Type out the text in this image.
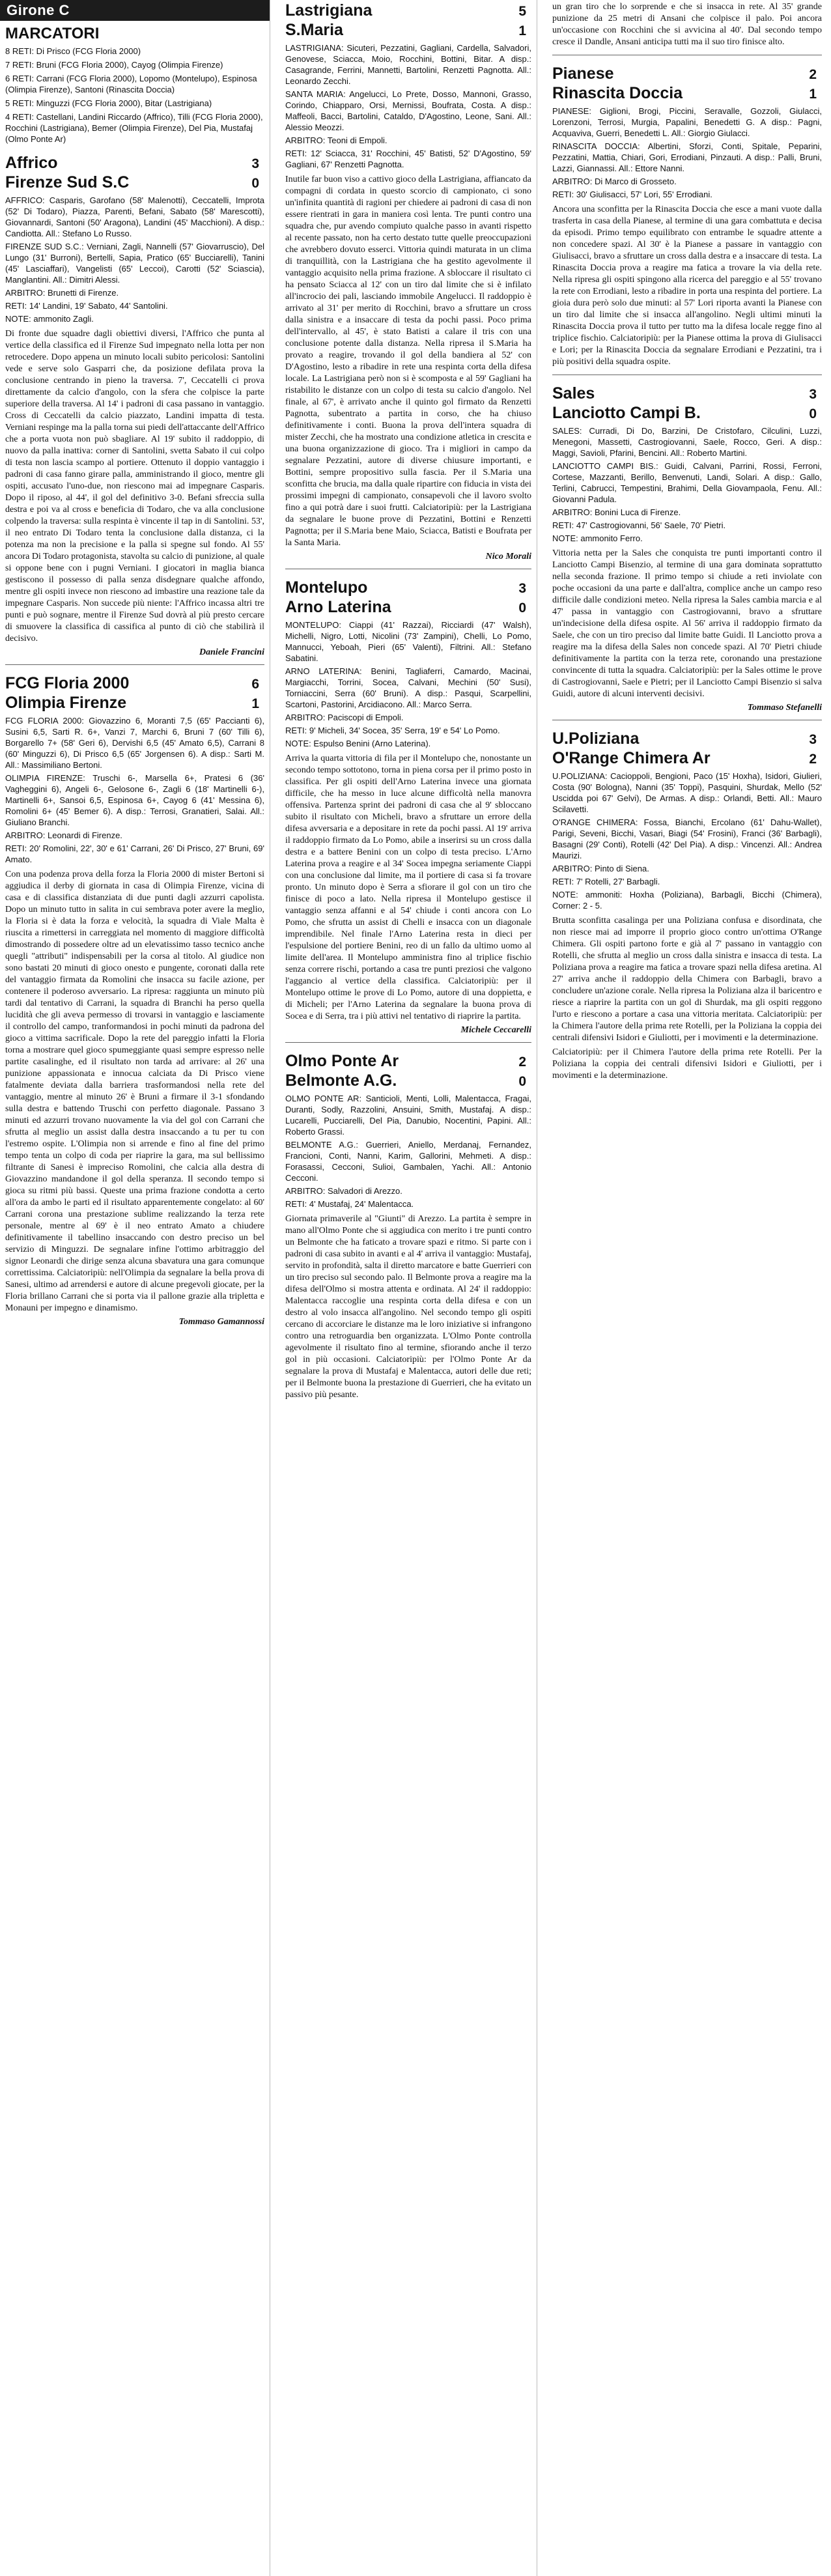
Girone C
MARCATORI
8 RETI: Di Prisco (FCG Floria 2000)
7 RETI: Bruni (FCG Floria 2000), Cayog (Olimpia Firenze)
6 RETI: Carrani (FCG Floria 2000), Lopomo (Montelupo), Espinosa (Olimpia Firenze), Santoni (Rinascita Doccia)
5 RETI: Minguzzi (FCG Floria 2000), Bitar (Lastrigiana)
4 RETI: Castellani, Landini Riccardo (Affrico), Tilli (FCG Floria 2000), Rocchini (Lastrigiana), Bemer (Olimpia Firenze), Del Pia, Mustafaj (Olmo Ponte Ar)
Affrico	3
Firenze Sud S.C	0
AFFRICO: Casparis, Garofano (58' Malenotti), Ceccatelli, Improta (52' Di Todaro), Piazza, Parenti, Befani, Sabato (58' Marescotti), Giovannardi, Santoni (50' Aragona), Landini (45' Macchioni). A disp.: Candiotta. All.: Stefano Lo Russo.
FIRENZE SUD S.C.: Verniani, Zagli, Nannelli (57' Giovarruscio), Del Lungo (31' Burroni), Bertelli, Sapia, Pratico (65' Bucciarelli), Tanini (45' Lasciaffari), Vangelisti (65' Leccoi), Carotti (52' Sciascia), Manglantini. All.: Dimitri Alessi.
ARBITRO: Brunetti di Firenze.
RETI: 14' Landini, 19' Sabato, 44' Santolini.
NOTE: ammonito Zagli.
Di fronte due squadre dagli obiettivi diversi, l'Affrico che punta al vertice della classifica ed il Firenze Sud impegnato nella lotta per non retrocedere. Dopo appena un minuto locali subito pericolosi: Santolini vede e serve solo Gasparri che, da posizione defilata prova la conclusione centrando in pieno la traversa. 7', Ceccatelli ci prova direttamente da calcio d'angolo, con la sfera che colpisce la parte superiore della traversa. Al 14' i padroni di casa passano in vantaggio. Cross di Ceccatelli da calcio piazzato, Landini impatta di testa. Verniani respinge ma la palla torna sui piedi dell'attaccante dell'Affrico che a porta vuota non può sbagliare. Al 19' subito il raddoppio, di nuovo da palla inattiva: corner di Santolini, svetta Sabato il cui colpo di testa non lascia scampo al portiere. Ottenuto il doppio vantaggio i padroni di casa fanno girare palla, amministrando il gioco, mentre gli ospiti, accusato l'uno-due, non riescono mai ad impegnare Casparis. Dopo il riposo, al 44', il gol del definitivo 3-0. Befani sfreccia sulla destra e poi va al cross e beneficia di Todaro, che va alla conclusione colpendo la traversa: sulla respinta è vincente il tap in di Santolini. 53', il neo entrato Di Todaro tenta la conclusione dalla distanza, ci la potenza ma non la precisione e la palla si spegne sul fondo. Al 55' ancora Di Todaro protagonista, stavolta su calcio di punizione, al quale si oppone bene con i pugni Verniani. I giocatori in maglia bianca gestiscono il possesso di palla senza disdegnare qualche affondo, mentre gli ospiti invece non riescono ad imbastire una reazione tale da impegnare Casparis. Non succede più niente: l'Affrico incassa altri tre punti e può sognare, mentre il Firenze Sud dovrà al più presto cercare di smuovere la classifica di cassifica al punto di ciò che stabilirà il decisivo.
Daniele Francini
FCG Floria 2000	6
Olimpia Firenze	1
FCG FLORIA 2000: Giovazzino 6, Moranti 7,5 (65' Paccianti 6), Susini 6,5, Sarti R. 6+, Vanzi 7, Marchi 6, Bruni 7 (60' Tilli 6), Borgarello 7+ (58' Geri 6), Dervishi 6,5 (45' Amato 6,5), Carrani 8 (60' Minguzzi 6), Di Prisco 6,5 (65' Jorgensen 6). A disp.: Sarti M. All.: Massimiliano Bertoni.
OLIMPIA FIRENZE: Truschi 6-, Marsella 6+, Pratesi 6 (36' Vagheggini 6), Angeli 6-, Gelosone 6-, Zagli 6 (18' Martinelli 6-), Martinelli 6+, Sansoi 6,5, Espinosa 6+, Cayog 6 (41' Messina 6), Romolini 6+ (45' Bemer 6). A disp.: Terrosi, Granatieri, Salai. All.: Giuliano Branchi.
ARBITRO: Leonardi di Firenze.
RETI: 20' Romolini, 22', 30' e 61' Carrani, 26' Di Prisco, 27' Bruni, 69' Amato.
Con una podenza prova della forza la Floria 2000 di mister Bertoni si aggiudica il derby di giornata in casa di Olimpia Firenze, vicina di casa e di classifica distanziata di due punti dagli azzurri capolista. Dopo un minuto tutto in salita in cui sembrava poter avere la meglio, la Floria si è data la forza e velocità, la squadra di Viale Malta è riuscita a rimettersi in carreggiata nel momento di maggiore difficoltà dimostrando di possedere oltre ad un elevatissimo tasso tecnico anche quegli "attributi" indispensabili per la corsa al titolo. Al giudice non sono bastati 20 minuti di gioco onesto e pungente, coronati dalla rete del vantaggio firmata da Romolini che insacca su facile azione, per contenere il poderoso avversario. La ripresa: raggiunta un minuto più tardi dal tentativo di Carrani, la squadra di Branchi ha perso quella lucidità che gli aveva permesso di trovarsi in vantaggio e lasciamente il controllo del campo, tranformandosi in pochi minuti da padrona del gioco a vittima sacrificale. Dopo la rete del pareggio infatti la Floria torna a mostrare quel gioco spumeggiante quasi sempre espresso nelle partite casalinghe, ed il risultato non tarda ad arrivare: al 26' una punizione appassionata e innocua calciata da Di Prisco viene fatalmente deviata dalla barriera trasformandosi nella rete del vantaggio, mentre al minuto 26' è Bruni a firmare il 3-1 sfondando sulla destra e battendo Truschi con perfetto diagonale. Passano 3 minuti ed azzurri trovano nuovamente la via del gol con Carrani che sfrutta al meglio un assist dalla destra insaccando a tu per tu con l'estremo ospite. L'Olimpia non si arrende e fino al fine del primo tempo tenta un colpo di coda per riaprire la gara, ma sul bellissimo filtrante di Sanesi è impreciso Romolini, che calcia alla destra di Giovazzino mandandone il gol della speranza. Il secondo tempo si gioca su ritmi più bassi. Queste una prima frazione condotta a certo all'ora da ambo le parti ed il risultato apparentemente congelato: al 60' Carrani corona una prestazione sublime realizzando la terza rete personale, mentre al 69' è il neo entrato Amato a chiudere definitivamente il tabellino insaccando con destro preciso un bel servizio di Minguzzi. De segnalare infine l'ottimo arbitraggio del signor Leonardi che dirige senza alcuna sbavatura una gara comunque correttissima. Calciatoripiù: nell'Olimpia da segnalare la bella prova di Sanesi, ultimo ad arrendersi e autore di alcune pregevoli giocate, per la Floria brillano Carrani che si porta via il pallone grazie alla tripletta e Monauni per impegno e dinamismo.
Tommaso Gamannossi
Lastrigiana	5
S.Maria	1
LASTRIGIANA: Sicuteri, Pezzatini, Gagliani, Cardella, Salvadori, Genovese, Sciacca, Moio, Rocchini, Bottini, Bitar. A disp.: Casagrande, Ferrini, Mannetti, Bartolini, Renzetti Pagnotta. All.: Leonardo Zecchi.
SANTA MARIA: Angelucci, Lo Prete, Dosso, Mannoni, Grasso, Corindo, Chiapparo, Orsi, Mernissi, Boufrata, Costa. A disp.: Maffeoli, Bacci, Bartolini, Cataldo, D'Agostino, Leone, Sani. All.: Alessio Meozzi.
ARBITRO: Teoni di Empoli.
RETI: 12' Sciacca, 31' Rocchini, 45' Batisti, 52' D'Agostino, 59' Gagliani, 67' Renzetti Pagnotta.
Inutile far buon viso a cattivo gioco della Lastrigiana, affiancato da compagni di cordata in questo scorcio di campionato, ci sono un'infinita quantità di ragioni per chiedere ai padroni di casa di non essere rientrati in gara in maniera così lenta. Tre punti contro una squadra che, pur avendo compiuto qualche passo in avanti rispetto al recente passato, non ha certo destato tutte quelle preoccupazioni che avrebbero dovuto esserci. Vittoria quindi maturata in un clima di tranquillità, con la Lastrigiana che ha gestito agevolmente il vantaggio acquisito nella prima frazione. A sbloccare il risultato ci ha pensato Sciacca al 12' con un tiro dal limite che si è infilato all'incrocio dei pali, lasciando immobile Angelucci. Il raddoppio è arrivato al 31' per merito di Rocchini, bravo a sfruttare un cross dalla sinistra e a insaccare di testa da pochi passi. Poco prima dell'intervallo, al 45', è stato Batisti a calare il tris con una conclusione potente dalla distanza. Nella ripresa il S.Maria ha provato a reagire, trovando il gol della bandiera al 52' con D'Agostino, lesto a ribadire in rete una respinta corta della difesa locale. La Lastrigiana però non si è scomposta e al 59' Gagliani ha ristabilito le distanze con un colpo di testa su calcio d'angolo. Nel finale, al 67', è arrivato anche il quinto gol firmato da Renzetti Pagnotta, subentrato a partita in corso, che ha chiuso definitivamente i conti. Buona la prova dell'intera squadra di mister Zecchi, che ha mostrato una condizione atletica in crescita e una buona organizzazione di gioco. Tra i migliori in campo da segnalare Pezzatini, autore di diverse chiusure importanti, e Bottini, sempre propositivo sulla fascia. Per il S.Maria una sconfitta che brucia, ma dalla quale ripartire con fiducia in vista dei prossimi impegni di campionato, consapevoli che il lavoro svolto fino a qui potrà dare i suoi frutti. Calciatoripiù: per la Lastrigiana da segnalare le buone prove di Pezzatini, Bottini e Renzetti Pagnotta; per il S.Maria bene Maio, Sciacca, Batisti e Boufrata per la Santa Maria.
Nico Morali
Montelupo	3
Arno Laterina	0
MONTELUPO: Ciappi (41' Razzai), Ricciardi (47' Walsh), Michelli, Nigro, Lotti, Nicolini (73' Zampini), Chelli, Lo Pomo, Mannucci, Yeboah, Pieri (65' Valenti), Filtrini. All.: Stefano Sabatini.
ARNO LATERINA: Benini, Tagliaferri, Camardo, Macinai, Margiacchi, Torrini, Socea, Calvani, Mechini (50' Susi), Torniaccini, Serra (60' Bruni). A disp.: Pasqui, Scarpellini, Scartoni, Pastorini, Arcidiacono. All.: Marco Serra.
ARBITRO: Paciscopi di Empoli.
RETI: 9' Micheli, 34' Socea, 35' Serra, 19' e 54' Lo Pomo.
NOTE: Espulso Benini (Arno Laterina).
Arriva la quarta vittoria di fila per il Montelupo che, nonostante un secondo tempo sottotono, torna in piena corsa per il primo posto in classifica. Per gli ospiti dell'Arno Laterina invece una giornata difficile, che ha messo in luce alcune difficoltà nella manovra offensiva. Partenza sprint dei padroni di casa che al 9' sbloccano subito il risultato con Micheli, bravo a sfruttare un errore della difesa avversaria e a depositare in rete da pochi passi. Al 19' arriva il raddoppio firmato da Lo Pomo, abile a inserirsi su un cross dalla destra e a battere Benini con un colpo di testa preciso. L'Arno Laterina prova a reagire e al 34' Socea impegna seriamente Ciappi con una conclusione dal limite, ma il portiere di casa si fa trovare pronto. Un minuto dopo è Serra a sfiorare il gol con un tiro che finisce di poco a lato. Nella ripresa il Montelupo gestisce il vantaggio senza affanni e al 54' chiude i conti ancora con Lo Pomo, che sfrutta un assist di Chelli e insacca con un diagonale imprendibile. Nel finale l'Arno Laterina resta in dieci per l'espulsione del portiere Benini, reo di un fallo da ultimo uomo al limite dell'area. Il Montelupo amministra fino al triplice fischio senza correre rischi, portando a casa tre punti preziosi che valgono l'aggancio al vertice della classifica. Calciatoripiù: per il Montelupo ottime le prove di Lo Pomo, autore di una doppietta, e di Micheli; per l'Arno Laterina da segnalare la buona prova di Socea e di Serra, tra i più attivi nel tentativo di riaprire la partita.
Michele Ceccarelli
Olmo Ponte Ar	2
Belmonte A.G.	0
OLMO PONTE AR: Santicioli, Menti, Lolli, Malentacca, Fragai, Duranti, Sodly, Razzolini, Ansuini, Smith, Mustafaj. A disp.: Lucarelli, Pucciarelli, Del Pia, Danubio, Nocentini, Papini. All.: Roberto Grassi.
BELMONTE A.G.: Guerrieri, Aniello, Merdanaj, Fernandez, Francioni, Conti, Nanni, Karim, Gallorini, Mehmeti. A disp.: Forasassi, Cecconi, Sulioi, Gambalen, Yachi. All.: Antonio Cecconi.
ARBITRO: Salvadori di Arezzo.
RETI: 4' Mustafaj, 24' Malentacca.
Giornata primaverile al "Giunti" di Arezzo. La partita è sempre in mano all'Olmo Ponte che si aggiudica con merito i tre punti contro un Belmonte che ha faticato a trovare spazi e ritmo. Si parte con i padroni di casa subito in avanti e al 4' arriva il vantaggio: Mustafaj, servito in profondità, salta il diretto marcatore e batte Guerrieri con un tiro preciso sul secondo palo. Il Belmonte prova a reagire ma la difesa dell'Olmo si mostra attenta e ordinata. Al 24' il raddoppio: Malentacca raccoglie una respinta corta della difesa e con un destro al volo insacca all'angolino. Nel secondo tempo gli ospiti cercano di accorciare le distanze ma le loro iniziative si infrangono contro una retroguardia ben organizzata. L'Olmo Ponte controlla agevolmente il risultato fino al termine, sfiorando anche il terzo gol in più occasioni. Calciatoripiù: per l'Olmo Ponte Ar da segnalare la prova di Mustafaj e Malentacca, autori delle due reti; per il Belmonte buona la prestazione di Guerrieri, che ha evitato un passivo più pesante.
un gran tiro che lo sorprende e che si insacca in rete. Al 35' grande punizione da 25 metri di Ansani che colpisce il palo. Poi ancora un'occasione con Rocchini che si avvicina al 40'. Dal secondo tempo cresce il Dandle, Ansani anticipa tutti ma il suo tiro finisce alto.
Pianese	2
Rinascita Doccia	1
PIANESE: Giglioni, Brogi, Piccini, Seravalle, Gozzoli, Giulacci, Lorenzoni, Terrosi, Murgia, Papalini, Benedetti G. A disp.: Pagni, Acquaviva, Guerri, Benedetti L. All.: Giorgio Giulacci.
RINASCITA DOCCIA: Albertini, Sforzi, Conti, Spitale, Peparini, Pezzatini, Mattia, Chiari, Gori, Errodiani, Pinzauti. A disp.: Palli, Bruni, Lazzi, Giannassi. All.: Ettore Nanni.
ARBITRO: Di Marco di Grosseto.
RETI: 30' Giulisacci, 57' Lori, 55' Errodiani.
Ancora una sconfitta per la Rinascita Doccia che esce a mani vuote dalla trasferta in casa della Pianese, al termine di una gara combattuta e decisa da episodi. Primo tempo equilibrato con entrambe le squadre attente a non concedere spazi. Al 30' è la Pianese a passare in vantaggio con Giulisacci, bravo a sfruttare un cross dalla destra e a insaccare di testa. La Rinascita Doccia prova a reagire ma fatica a trovare la via della rete. Nella ripresa gli ospiti spingono alla ricerca del pareggio e al 55' trovano la rete con Errodiani, lesto a ribadire in porta una respinta del portiere. La gioia dura però solo due minuti: al 57' Lori riporta avanti la Pianese con un tiro dal limite che si insacca all'angolino. Negli ultimi minuti la Rinascita Doccia prova il tutto per tutto ma la difesa locale regge fino al triplice fischio. Calciatoripiù: per la Pianese ottima la prova di Giulisacci e Lori; per la Rinascita Doccia da segnalare Errodiani e Pezzatini, tra i più positivi della squadra ospite.
Sales	3
Lanciotto Campi B.	0
SALES: Curradi, Di Do, Barzini, De Cristofaro, Cilculini, Luzzi, Menegoni, Massetti, Castrogiovanni, Saele, Rocco, Geri. A disp.: Maggi, Savioli, Pfarini, Bencini. All.: Roberto Martini.
LANCIOTTO CAMPI BIS.: Guidi, Calvani, Parrini, Rossi, Ferroni, Cortese, Mazzanti, Berillo, Benvenuti, Landi, Solari. A disp.: Gallo, Terlini, Cabrucci, Tempestini, Brahimi, Della Giovampaola, Fenu. All.: Giovanni Padula.
ARBITRO: Bonini Luca di Firenze.
RETI: 47' Castrogiovanni, 56' Saele, 70' Pietri.
NOTE: ammonito Ferro.
Vittoria netta per la Sales che conquista tre punti importanti contro il Lanciotto Campi Bisenzio, al termine di una gara dominata soprattutto nella seconda frazione. Il primo tempo si chiude a reti inviolate con poche occasioni da una parte e dall'altra, complice anche un campo reso difficile dalle condizioni meteo. Nella ripresa la Sales cambia marcia e al 47' passa in vantaggio con Castrogiovanni, bravo a sfruttare un'indecisione della difesa ospite. Al 56' arriva il raddoppio firmato da Saele, che con un tiro preciso dal limite batte Guidi. Il Lanciotto prova a reagire ma la difesa della Sales non concede spazi. Al 70' Pietri chiude definitivamente la partita con la terza rete, coronando una prestazione convincente di tutta la squadra. Calciatoripiù: per la Sales ottime le prove di Castrogiovanni, Saele e Pietri; per il Lanciotto Campi Bisenzio si salva Guidi, autore di alcuni interventi decisivi.
Tommaso Stefanelli
U.Poliziana	3
O'Range Chimera Ar	2
U.POLIZIANA: Cacioppoli, Bengioni, Paco (15' Hoxha), Isidori, Giulieri, Costa (90' Bologna), Nanni (35' Toppi), Pasquini, Shurdak, Mello (52' Uscidda poi 67' Gelvi), De Armas. A disp.: Orlandi, Betti. All.: Mauro Scilavetti.
O'RANGE CHIMERA: Fossa, Bianchi, Ercolano (61' Dahu-Wallet), Parigi, Seveni, Bicchi, Vasari, Biagi (54' Frosini), Franci (36' Barbagli), Basagni (29' Conti), Rotelli (42' Del Pia). A disp.: Vincenzi. All.: Andrea Maurizi.
ARBITRO: Pinto di Siena.
RETI: 7' Rotelli, 27' Barbagli.
NOTE: ammoniti: Hoxha (Poliziana), Barbagli, Bicchi (Chimera), Corner: 2 - 5.
Brutta sconfitta casalinga per una Poliziana confusa e disordinata, che non riesce mai ad imporre il proprio gioco contro un'ottima O'Range Chimera. Gli ospiti partono forte e già al 7' passano in vantaggio con Rotelli, che sfrutta al meglio un cross dalla sinistra e insacca di testa. La Poliziana prova a reagire ma fatica a trovare spazi nella difesa aretina. Al 27' arriva anche il raddoppio della Chimera con Barbagli, bravo a concludere un'azione corale. Nella ripresa la Poliziana alza il baricentro e riesce a riaprire la partita con un gol di Shurdak, ma gli ospiti reggono l'urto e riescono a portare a casa una vittoria meritata. Calciatoripiù: per la Chimera l'autore della prima rete Rotelli, per la Poliziana la coppia dei centrali difensivi Isidori e Giuliotti, per i movimenti e la determinazione.
Calciatoripiù: per il Chimera l'autore della prima rete Rotelli. Per la Poliziana la coppia dei centrali difensivi Isidori e Giuliotti, per i movimenti e la determinazione.
